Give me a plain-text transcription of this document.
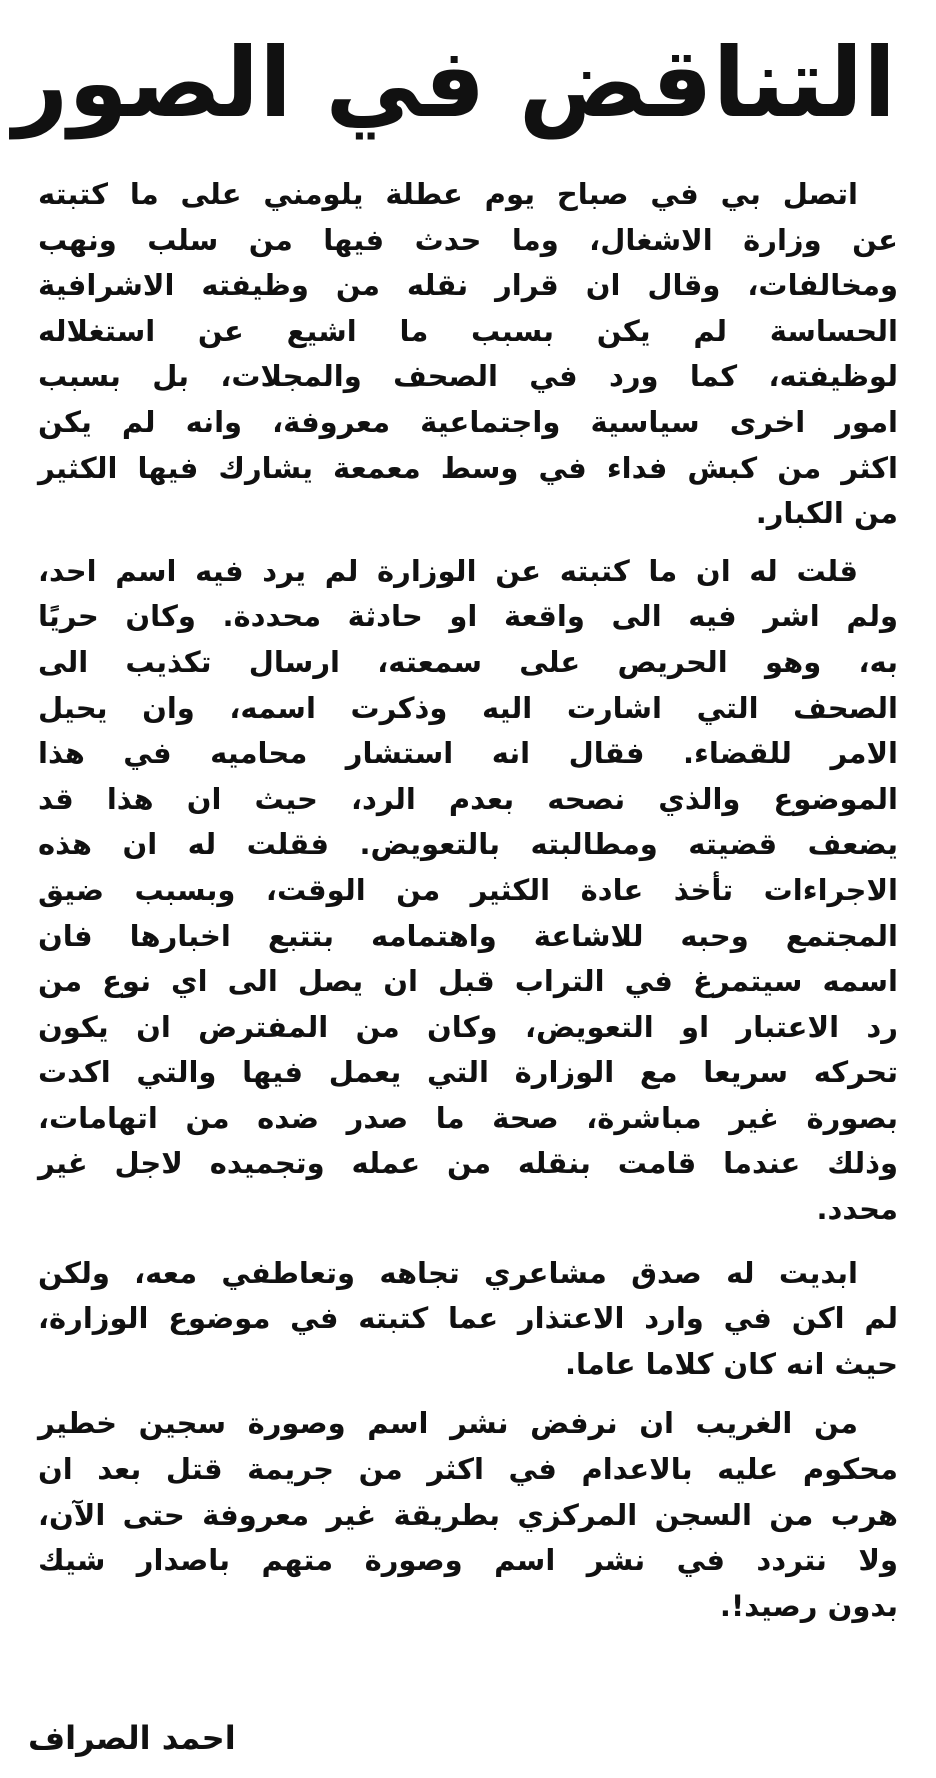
التناقض في الصور

اتصل بي في صباح يوم عطلة يلومني على ما كتبته
عن وزارة الاشغال، وما حدث فيها من سلب ونهب
ومخالفات، وقال ان قرار نقله من وظيفته الاشرافية
الحساسة لم يكن بسبب ما اشيع عن استغلاله
لوظيفته، كما ورد في الصحف والمجلات، بل بسبب
امور اخرى سياسية واجتماعية معروفة، وانه لم يكن
اكثر من كبش فداء في وسط معمعة يشارك فيها الكثير
من الكبار.

قلت له ان ما كتبته عن الوزارة لم يرد فيه اسم احد،
ولم اشر فيه الى واقعة او حادثة محددة. وكان حريًا
به، وهو الحريص على سمعته، ارسال تكذيب الى
الصحف التي اشارت اليه وذكرت اسمه، وان يحيل
الامر للقضاء. فقال انه استشار محاميه في هذا
الموضوع والذي نصحه بعدم الرد، حيث ان هذا قد
يضعف قضيته ومطالبته بالتعويض. فقلت له ان هذه
الاجراءات تأخذ عادة الكثير من الوقت، وبسبب ضيق
المجتمع وحبه للاشاعة واهتمامه بتتبع اخبارها فان
اسمه سيتمرغ في التراب قبل ان يصل الى اي نوع من
رد الاعتبار او التعويض، وكان من المفترض ان يكون
تحركه سريعا مع الوزارة التي يعمل فيها والتي اكدت
بصورة غير مباشرة، صحة ما صدر ضده من اتهامات،
وذلك عندما قامت بنقله من عمله وتجميده لاجل غير
محدد.

ابديت له صدق مشاعري تجاهه وتعاطفي معه، ولكن
لم اكن في وارد الاعتذار عما كتبته في موضوع الوزارة،
حيث انه كان كلاما عاما.

من الغريب ان نرفض نشر اسم وصورة سجين خطير
محكوم عليه بالاعدام في اكثر من جريمة قتل بعد ان
هرب من السجن المركزي بطريقة غير معروفة حتى الآن،
ولا نتردد في نشر اسم وصورة متهم باصدار شيك
بدون رصيد!.

احمد الصراف
